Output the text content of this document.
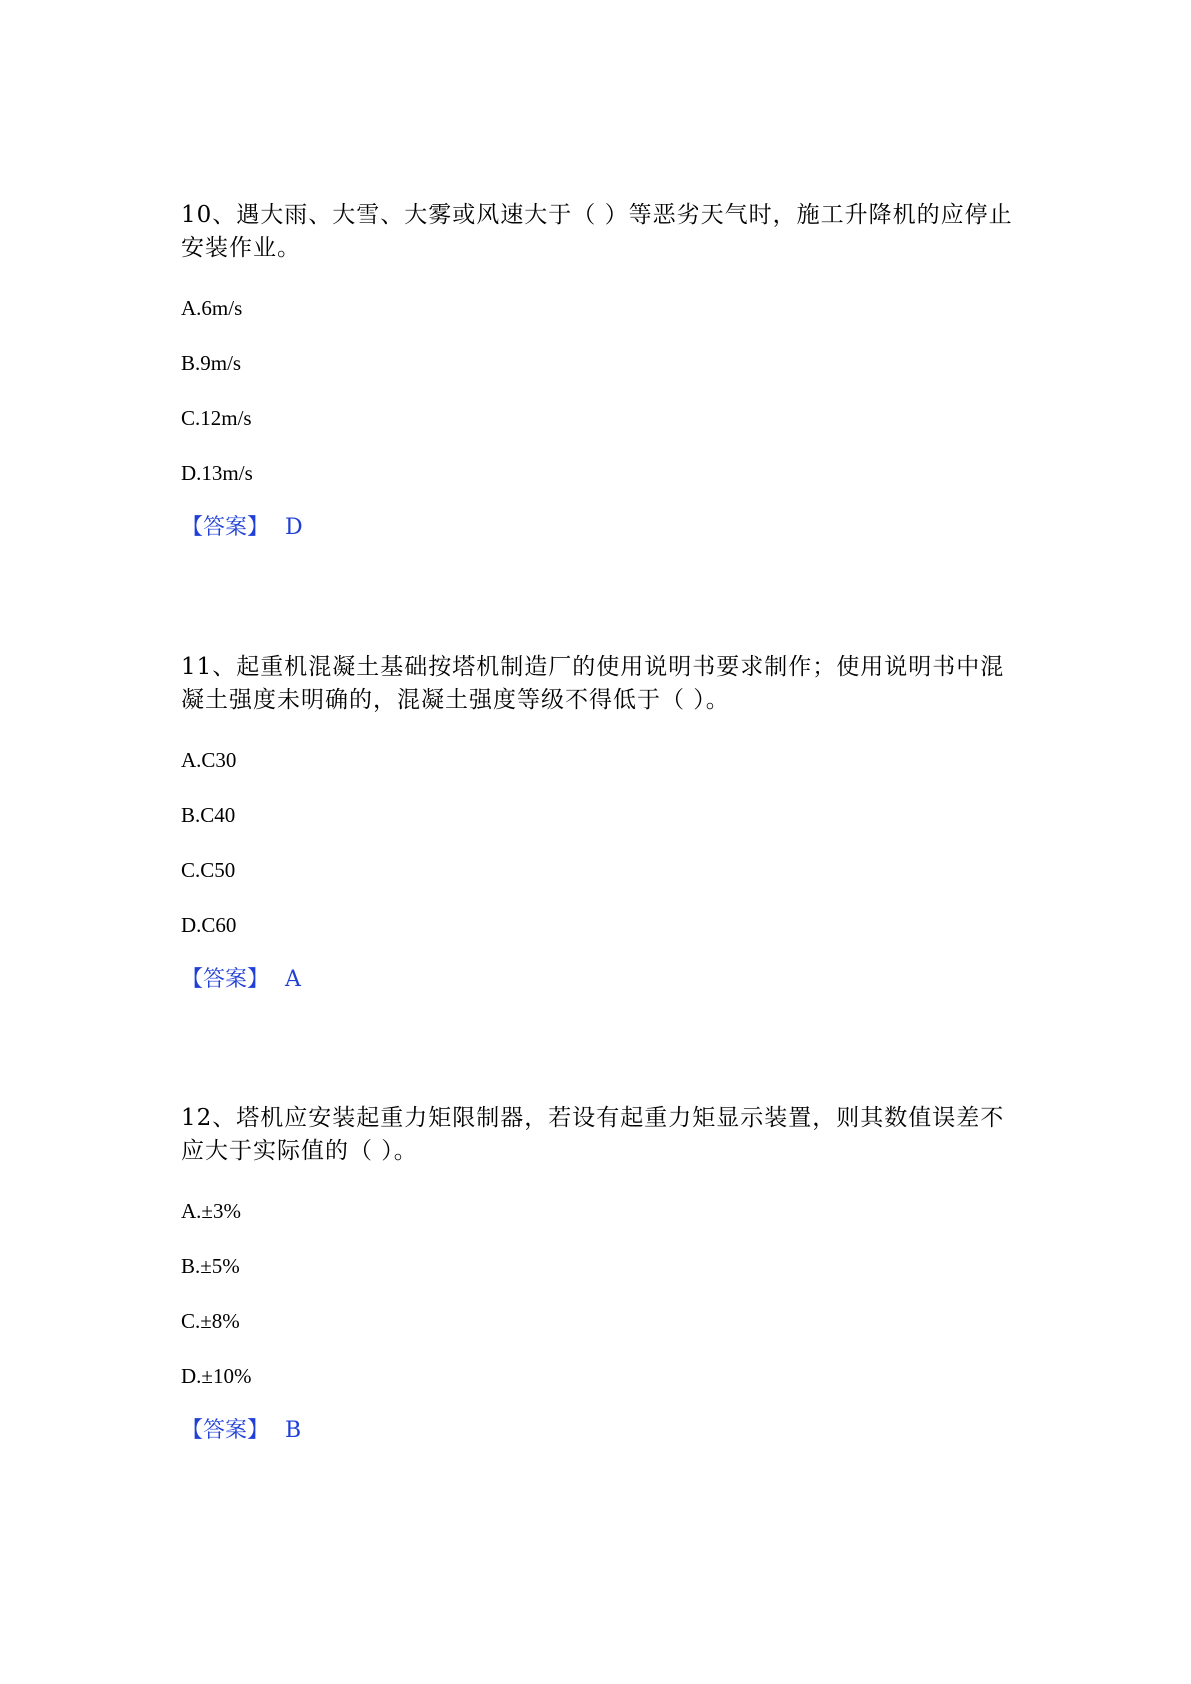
10、遇大雨、大雪、大雾或风速大于（ ）等恶劣天气时，施工升降机的应停止安装作业。
A.6m/s
B.9m/s
C.12m/s
D.13m/s
【答案】 D
11、起重机混凝土基础按塔机制造厂的使用说明书要求制作；使用说明书中混凝土强度未明确的，混凝土强度等级不得低于（ ）。
A.C30
B.C40
C.C50
D.C60
【答案】 A
12、塔机应安装起重力矩限制器，若设有起重力矩显示装置，则其数值误差不应大于实际值的（ ）。
A.±3%
B.±5%
C.±8%
D.±10%
【答案】 B
